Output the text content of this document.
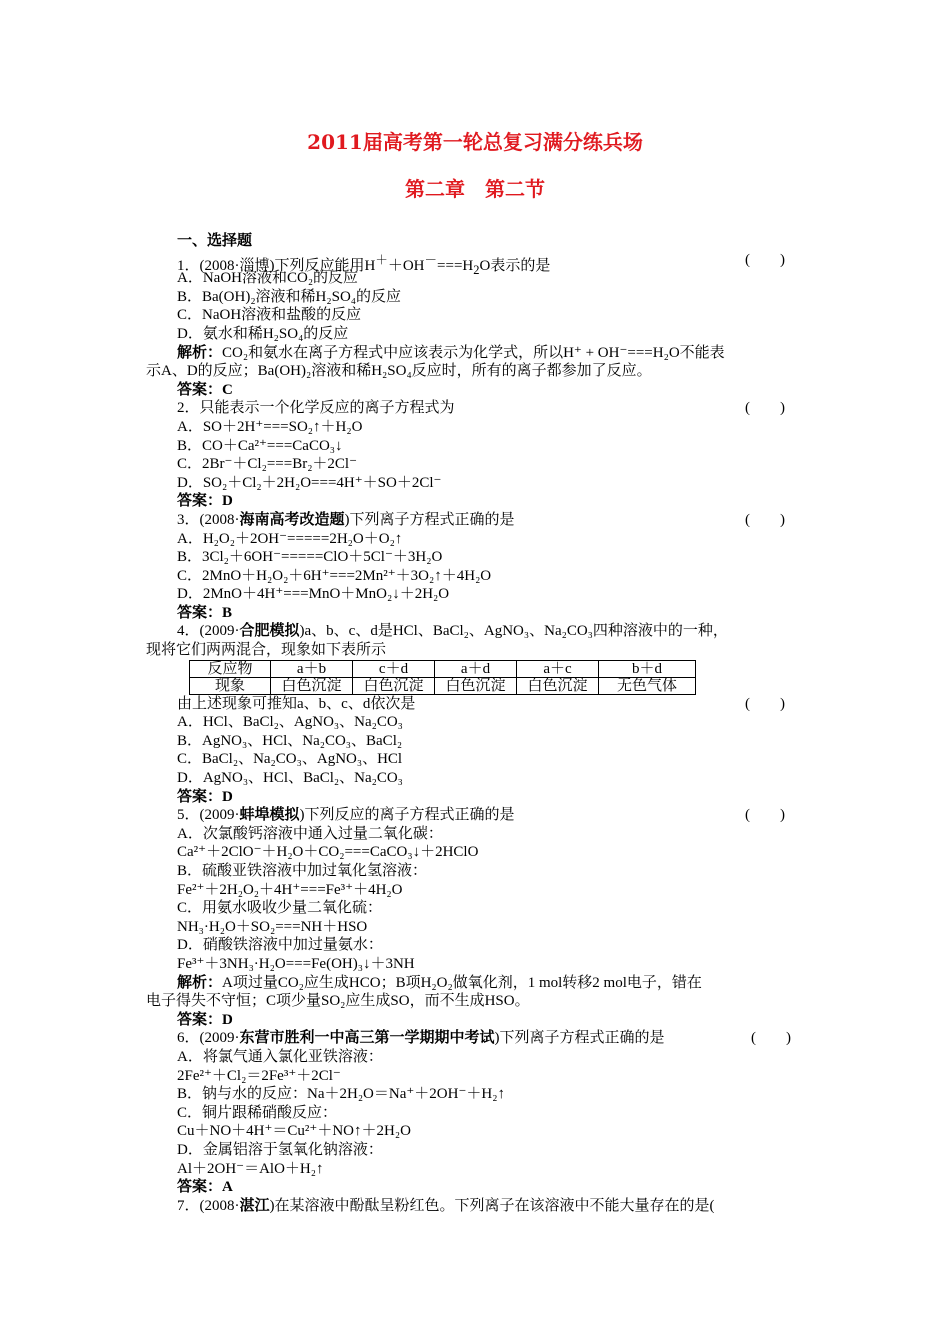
2011届高考第一轮总复习满分练兵场
第二章　第二节
一、选择题
1．(2008·淄博)下列反应能用$H^++OH^-===H_2O$表示的是	(　　)
A．NaOH溶液和CO₂的反应
B．Ba(OH)₂溶液和稀H₂SO₄的反应
C．NaOH溶液和盐酸的反应
D．氨水和稀H₂SO₄的反应
解析：CO₂和氨水在离子方程式中应该表示为化学式，所以H⁺ + OH⁻===H₂O不能表
示A、D的反应；Ba(OH)₂溶液和稀H₂SO₄反应时，所有的离子都参加了反应。
答案：C
2．只能表示一个化学反应的离子方程式为	(　　)
A．SO＋2H⁺===SO₂↑＋H₂O
B．CO＋Ca²⁺===CaCO₃↓
C．2Br⁻＋Cl₂===Br₂＋2Cl⁻
D．SO₂＋Cl₂＋2H₂O===4H⁺＋SO＋2Cl⁻
答案：D
3．(2008·海南高考改造题)下列离子方程式正确的是	(　　)
A．H₂O₂＋2OH⁻=====2H₂O＋O₂↑
B．3Cl₂＋6OH⁻=====ClO＋5Cl⁻＋3H₂O
C．2MnO＋H₂O₂＋6H⁺===2Mn²⁺＋3O₂↑＋4H₂O
D．2MnO＋4H⁺===MnO＋MnO₂↓＋2H₂O
答案：B
4．(2009·合肥模拟)a、b、c、d是HCl、BaCl₂、AgNO₃、Na₂CO₃四种溶液中的一种，
现将它们两两混合，现象如下表所示
反应物	a＋b	c＋d	a＋d	a＋c	b＋d
现象	白色沉淀	白色沉淀	白色沉淀	白色沉淀	无色气体
由上述现象可推知a、b、c、d依次是	(　　)
A．HCl、BaCl₂、AgNO₃、Na₂CO₃
B．AgNO₃、HCl、Na₂CO₃、BaCl₂
C．BaCl₂、Na₂CO₃、AgNO₃、HCl
D．AgNO₃、HCl、BaCl₂、Na₂CO₃
答案：D
5．(2009·蚌埠模拟)下列反应的离子方程式正确的是	(　　)
A．次氯酸钙溶液中通入过量二氧化碳：
Ca²⁺＋2ClO⁻＋H₂O＋CO₂===CaCO₃↓＋2HClO
B．硫酸亚铁溶液中加过氧化氢溶液：
Fe²⁺＋2H₂O₂＋4H⁺===Fe³⁺＋4H₂O
C．用氨水吸收少量二氧化硫：
NH₃·H₂O＋SO₂===NH＋HSO
D．硝酸铁溶液中加过量氨水：
Fe³⁺＋3NH₃·H₂O===Fe(OH)₃↓＋3NH
解析：A项过量CO₂应生成HCO；B项H₂O₂做氧化剂，1 mol转移2 mol电子，错在
电子得失不守恒；C项少量SO₂应生成SO，而不生成HSO。
答案：D
6．(2009·东营市胜利一中高三第一学期期中考试)下列离子方程式正确的是	(　　)
A．将氯气通入氯化亚铁溶液：
2Fe²⁺＋Cl₂＝2Fe³⁺＋2Cl⁻
B．钠与水的反应：Na＋2H₂O＝Na⁺＋2OH⁻＋H₂↑
C．铜片跟稀硝酸反应：
Cu＋NO＋4H⁺＝Cu²⁺＋NO↑＋2H₂O
D．金属铝溶于氢氧化钠溶液：
Al＋2OH⁻＝AlO＋H₂↑
答案：A
7．(2008·湛江)在某溶液中酚酞呈粉红色。下列离子在该溶液中不能大量存在的是(
